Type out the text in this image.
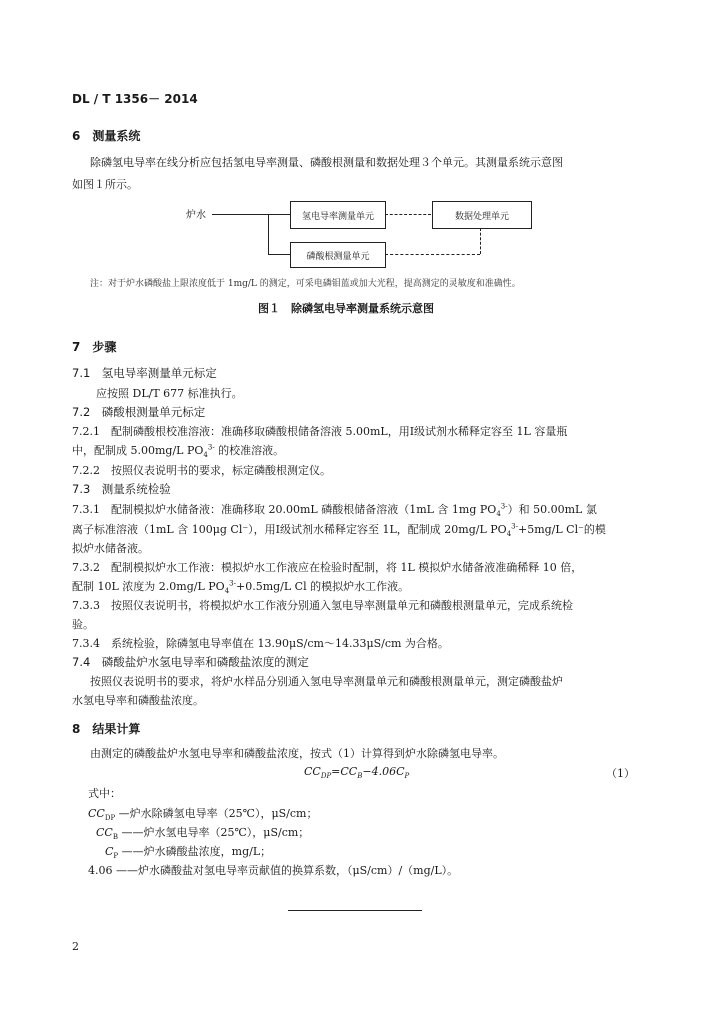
DL / T 1356－ 2014
6　测量系统
除磷氢电导率在线分析应包括氢电导率测量、磷酸根测量和数据处理３个单元。其测量系统示意图
如图１所示。
炉水	氢电导率测量单元	数据处理单元
磷酸根测量单元
注：对于炉水磷酸盐上限浓度低于 1mg/L 的测定，可采电磷钼蓝或加大光程，提高测定的灵敏度和准确性。
图１　除磷氢电导率测量系统示意图
7　步骤
7.1　氢电导率测量单元标定
应按照 DL/T 677 标准执行。
7.2　磷酸根测量单元标定
7.2.1　配制磷酸根校准溶液：准确移取磷酸根储备溶液 5.00mL，用Ⅰ级试剂水稀释定容至 1L 容量瓶
中，配制成 5.00mg/L $PO_4^{3-}$ 的校准溶液。
7.2.2　按照仪表说明书的要求，标定磷酸根测定仪。
7.3　测量系统检验
7.3.1　配制模拟炉水储备液：准确移取 20.00mL 磷酸根储备溶液（1mL 含 1mg $PO_4^{3-}$）和 50.00mL 氯
离子标准溶液（1mL 含 100μg Cl⁻），用Ⅰ级试剂水稀释定容至 1L，配制成 20mg/L $PO_4^{3-}+5mg/L$ Cl⁻的模
拟炉水储备液。
7.3.2　配制模拟炉水工作液：模拟炉水工作液应在检验时配制，将 1L 模拟炉水储备液准确稀释 10 倍，
配制 10L 浓度为 2.0mg/L $PO_4^{3-}+0.5mg/L$ Cl 的模拟炉水工作液。
7.3.3　按照仪表说明书，将模拟炉水工作液分别通入氢电导率测量单元和磷酸根测量单元，完成系统检
验。
7.3.4　系统检验，除磷氢电导率值在 13.90μS/cm～14.33μS/cm 为合格。
7.4　磷酸盐炉水氢电导率和磷酸盐浓度的测定
按照仪表说明书的要求，将炉水样品分别通入氢电导率测量单元和磷酸根测量单元，测定磷酸盐炉
水氢电导率和磷酸盐浓度。
8　结果计算
由测定的磷酸盐炉水氢电导率和磷酸盐浓度，按式（1）计算得到炉水除磷氢电导率。
$CC_{DP}=CC_B-4.06C_P$	（1）
式中：
$CC_{DP}$ —炉水除磷氢电导率（25℃），μS/cm；
$CC_B$ ——炉水氢电导率（25℃），μS/cm；
$C_P$ ——炉水磷酸盐浓度，mg/L；
4.06 ——炉水磷酸盐对氢电导率贡献值的换算系数，（μS/cm）/（mg/L）。
2
